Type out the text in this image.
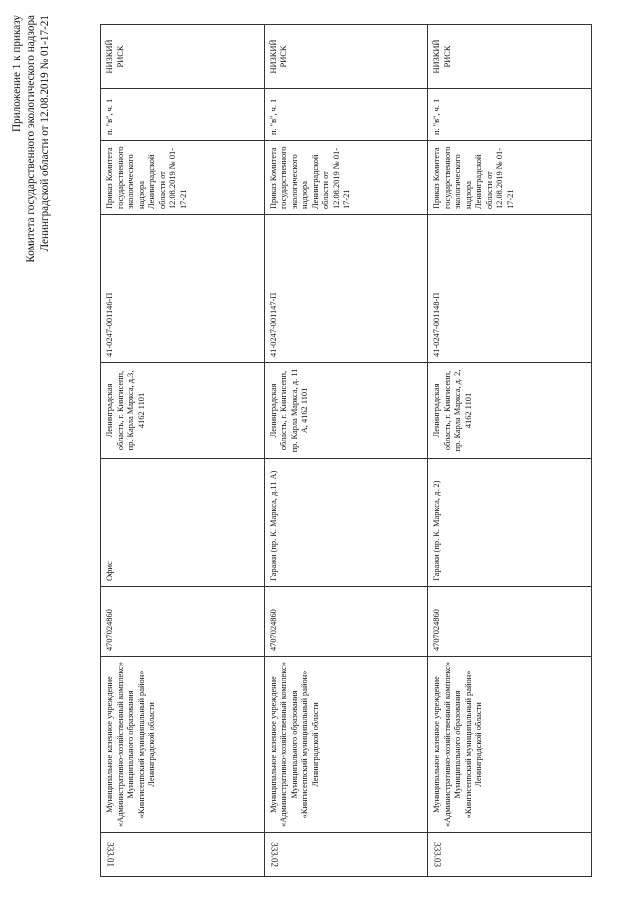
Приложение 1 к приказу Комитета государственного экологического надзора Ленинградской области от 12.08.2019 № 01-17-21
333.01	Муниципальное казенное учреждение «Административно-хозяйственный комплекс» Муниципального образования «Кингисеппский муниципальный район» Ленинградской области	4707024860	Офис	Ленинградская область, г. Кингисепп, пр. Карла Маркса, д.3, 4162 1101	41-0247-001146-П	Приказ Комитета государственного экологического надзора Ленинградской области от 12.08.2019 № 01-17-21	п. "в", ч. 1	НИЗКИЙ РИСК
333.02	Муниципальное казенное учреждение «Административно-хозяйственный комплекс» Муниципального образования «Кингисеппский муниципальный район» Ленинградской области	4707024860	Гаражи (пр. К. Маркса, д.11 А)	Ленинградская область, г. Кингисепп, пр. Карла Маркса, д. 11 А, 4162 1101	41-0247-001147-П	Приказ Комитета государственного экологического надзора Ленинградской области от 12.08.2019 № 01-17-21	п. "в", ч. 1	НИЗКИЙ РИСК
333.03	Муниципальное казенное учреждение «Административно-хозяйственный комплекс» Муниципального образования «Кингисеппский муниципальный район» Ленинградской области	4707024860	Гаражи (пр. К. Маркса, д. 2)	Ленинградская область, г. Кингисепп, пр. Карла Маркса, д. 2, 4162 1101	41-0247-001148-П	Приказ Комитета государственного экологического надзора Ленинградской области от 12.08.2019 № 01-17-21	п. "в", ч. 1	НИЗКИЙ РИСК
